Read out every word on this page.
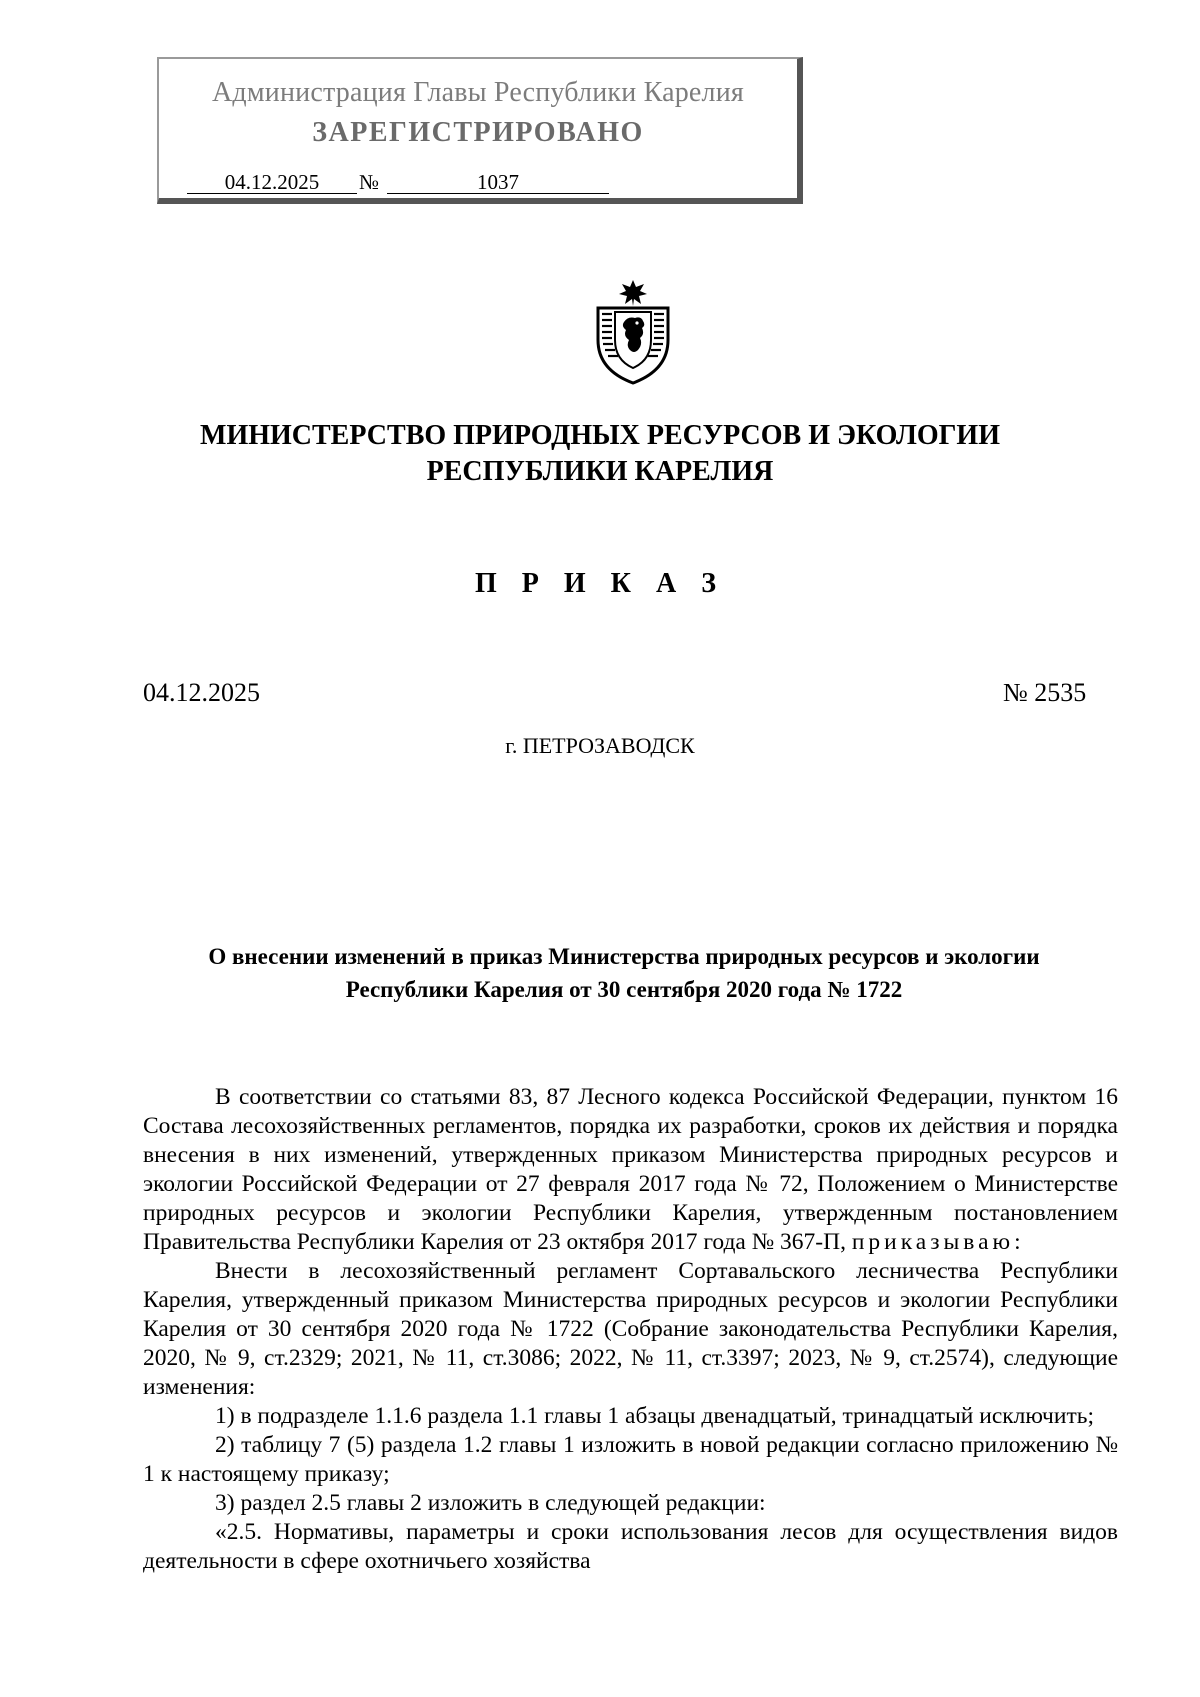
Администрация Главы Республики Карелия
ЗАРЕГИСТРИРОВАНО
04.12.2025	№	1037
МИНИСТЕРСТВО ПРИРОДНЫХ РЕСУРСОВ И ЭКОЛОГИИ
РЕСПУБЛИКИ КАРЕЛИЯ
П Р И К А З
04.12.2025	№ 2535
г. ПЕТРОЗАВОДСК
О внесении изменений в приказ Министерства природных ресурсов и экологии
Республики Карелия от 30 сентября 2020 года № 1722

В соответствии со статьями 83, 87 Лесного кодекса Российской Федерации, пунктом 16 Состава лесохозяйственных регламентов, порядка их разработки, сроков их действия и порядка внесения в них изменений, утвержденных приказом Министерства природных ресурсов и экологии Российской Федерации от 27 февраля 2017 года № 72, Положением о Министерстве природных ресурсов и экологии Республики Карелия, утвержденным постановлением Правительства Республики Карелия от 23 октября 2017 года № 367-П, приказываю:

Внести в лесохозяйственный регламент Сортавальского лесничества Республики Карелия, утвержденный приказом Министерства природных ресурсов и экологии Республики Карелия от 30 сентября 2020 года № 1722 (Собрание законодательства Республики Карелия, 2020, № 9, ст.2329; 2021, № 11, ст.3086; 2022, № 11, ст.3397; 2023, № 9, ст.2574), следующие изменения:

1) в подразделе 1.1.6 раздела 1.1 главы 1 абзацы двенадцатый, тринадцатый исключить;

2) таблицу 7 (5) раздела 1.2 главы 1 изложить в новой редакции согласно приложению № 1 к настоящему приказу;

3) раздел 2.5 главы 2 изложить в следующей редакции:

«2.5. Нормативы, параметры и сроки использования лесов для осуществления видов деятельности в сфере охотничьего хозяйства
